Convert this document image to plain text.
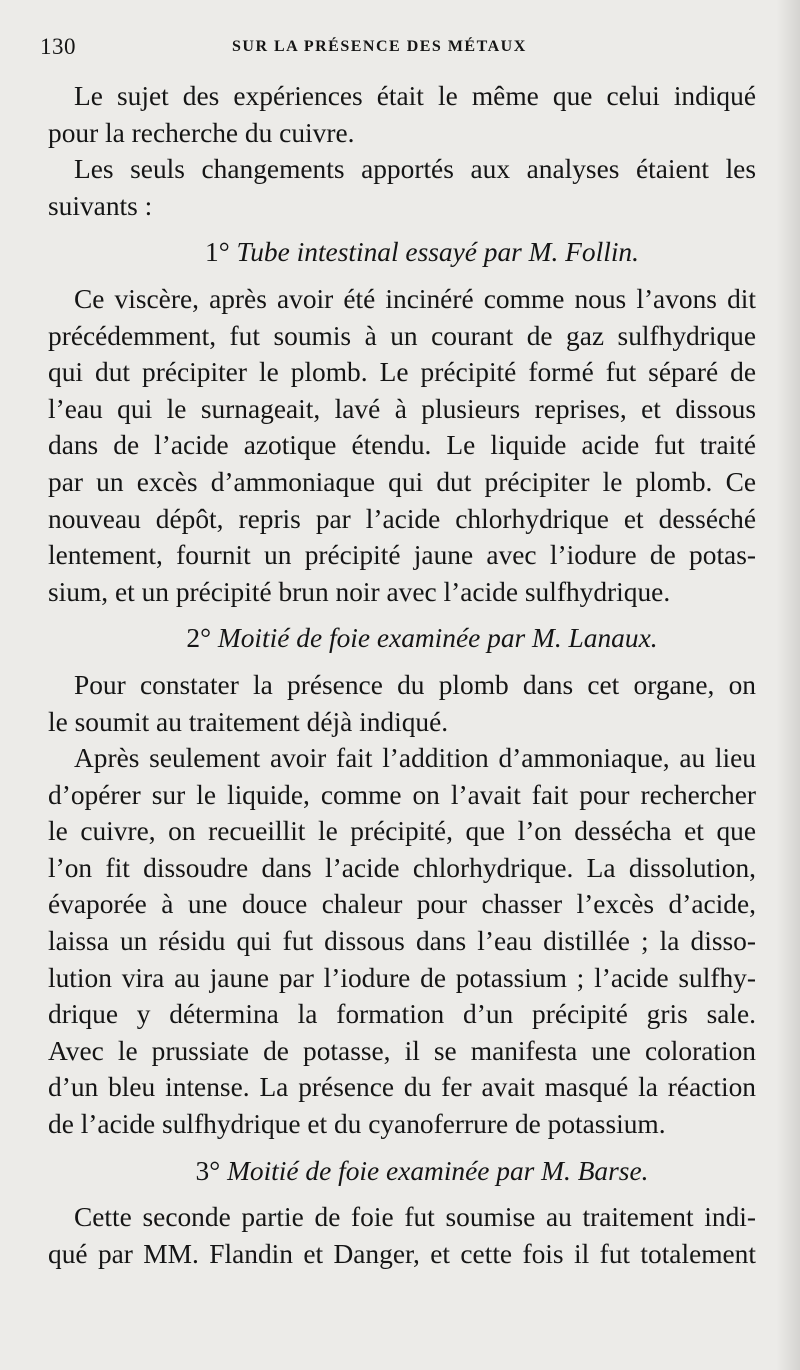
130	SUR LA PRÉSENCE DES MÉTAUX
Le sujet des expériences était le même que celui indiqué
pour la recherche du cuivre.
Les seuls changements apportés aux analyses étaient les
suivants :
1° Tube intestinal essayé par M. Follin.
Ce viscère, après avoir été incinéré comme nous l’avons dit
précédemment, fut soumis à un courant de gaz sulfhydrique
qui dut précipiter le plomb. Le précipité formé fut séparé de
l’eau qui le surnageait, lavé à plusieurs reprises, et dissous
dans de l’acide azotique étendu. Le liquide acide fut traité
par un excès d’ammoniaque qui dut précipiter le plomb. Ce
nouveau dépôt, repris par l’acide chlorhydrique et desséché
lentement, fournit un précipité jaune avec l’iodure de potas-
sium, et un précipité brun noir avec l’acide sulfhydrique.
2° Moitié de foie examinée par M. Lanaux.
Pour constater la présence du plomb dans cet organe, on
le soumit au traitement déjà indiqué.
Après seulement avoir fait l’addition d’ammoniaque, au lieu
d’opérer sur le liquide, comme on l’avait fait pour rechercher
le cuivre, on recueillit le précipité, que l’on dessécha et que
l’on fit dissoudre dans l’acide chlorhydrique. La dissolution,
évaporée à une douce chaleur pour chasser l’excès d’acide,
laissa un résidu qui fut dissous dans l’eau distillée ; la disso-
lution vira au jaune par l’iodure de potassium ; l’acide sulfhy-
drique y détermina la formation d’un précipité gris sale.
Avec le prussiate de potasse, il se manifesta une coloration
d’un bleu intense. La présence du fer avait masqué la réaction
de l’acide sulfhydrique et du cyanoferrure de potassium.
3° Moitié de foie examinée par M. Barse.
Cette seconde partie de foie fut soumise au traitement indi-
qué par MM. Flandin et Danger, et cette fois il fut totalement
